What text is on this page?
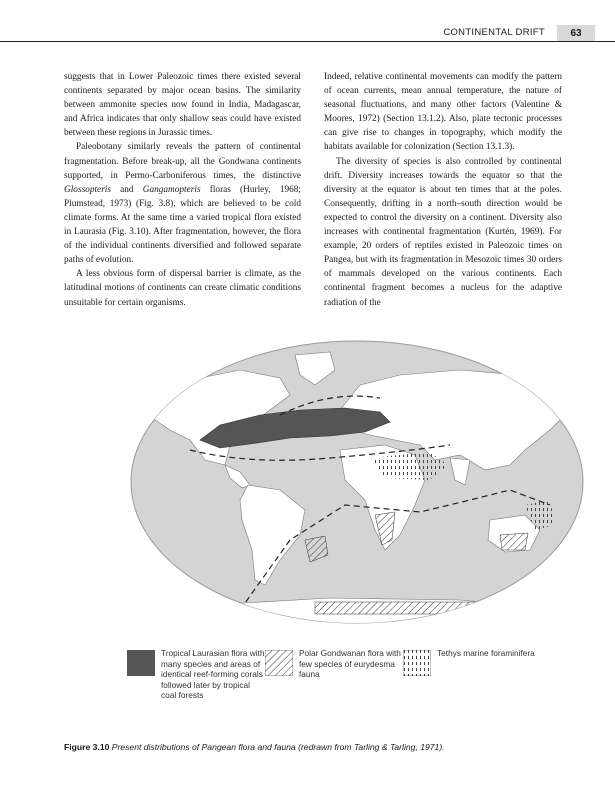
CONTINENTAL DRIFT	63

suggests that in Lower Paleozoic times there existed several continents separated by major ocean basins. The similarity between ammonite species now found in India, Madagascar, and Africa indicates that only shallow seas could have existed between these regions in Jurassic times.

Paleobotany similarly reveals the pattern of continental fragmentation. Before break-up, all the Gondwana continents supported, in Permo-Carboniferous times, the distinctive Glossopteris and Gangamopteris floras (Hurley, 1968; Plumstead, 1973) (Fig. 3.8), which are believed to be cold climate forms. At the same time a varied tropical flora existed in Laurasia (Fig. 3.10). After fragmentation, however, the flora of the individual continents diversified and followed separate paths of evolution.

A less obvious form of dispersal barrier is climate, as the latitudinal motions of continents can create climatic conditions unsuitable for certain organisms.

Indeed, relative continental movements can modify the pattern of ocean currents, mean annual temperature, the nature of seasonal fluctuations, and many other factors (Valentine & Moores, 1972) (Section 13.1.2). Also, plate tectonic processes can give rise to changes in topography, which modify the habitats available for colonization (Section 13.1.3).

The diversity of species is also controlled by continental drift. Diversity increases towards the equator so that the diversity at the equator is about ten times that at the poles. Consequently, drifting in a north–south direction would be expected to control the diversity on a continent. Diversity also increases with continental fragmentation (Kurtén, 1969). For example, 20 orders of reptiles existed in Paleozoic times on Pangea, but with its fragmentation in Mesozoic times 30 orders of mammals developed on the various continents. Each continental fragment becomes a nucleus for the adaptive radiation of the

Tropical Laurasian flora with many species and areas of identical reef-forming corals followed later by tropical coal forests
Polar Gondwanan flora with few species of eurydesma fauna
Tethys marine foraminifera
Figure 3.10 Present distributions of Pangean flora and fauna (redrawn from Tarling & Tarling, 1971).
